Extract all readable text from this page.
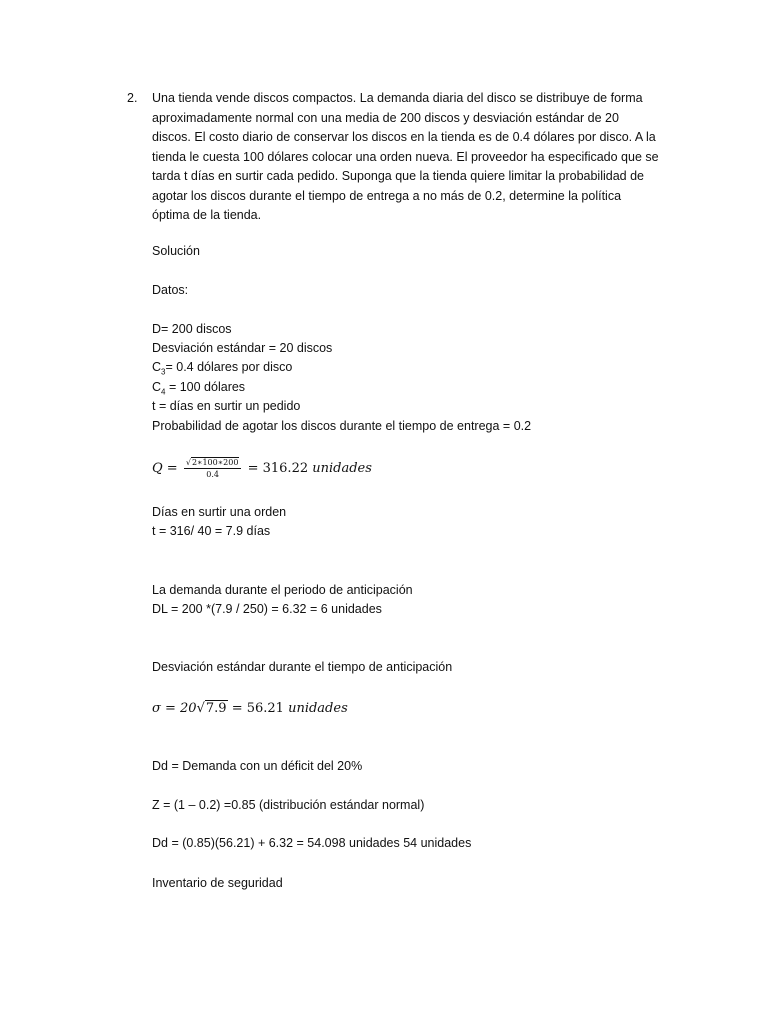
2. Una tienda vende discos compactos. La demanda diaria del disco se distribuye de forma
aproximadamente normal con una media de 200 discos y desviación estándar de 20
discos. El costo diario de conservar los discos en la tienda es de 0.4 dólares por disco. A la
tienda le cuesta 100 dólares colocar una orden nueva. El proveedor ha especificado que se
tarda t días en surtir cada pedido. Suponga que la tienda quiere limitar la probabilidad de
agotar los discos durante el tiempo de entrega a no más de 0.2, determine la política
óptima de la tienda.
Solución
Datos:
D= 200 discos
Desviación estándar = 20 discos
$C_3= 0.4$ dólares por disco
$C_4 = 100$ dólares
t = días en surtir un pedido
Probabilidad de agotar los discos durante el tiempo de entrega = 0.2
$Q = \frac{√2∗100∗200}{0.4} = 316.22$ unidades
Días en surtir una orden
t = 316/ 40 = 7.9 días
La demanda durante el periodo de anticipación
DL = 200 *(7.9 / 250) = 6.32 = 6 unidades
Desviación estándar durante el tiempo de anticipación
σ = 20√7.9 = 56.21 unidades
Dd = Demanda con un déficit del 20%
Z = (1 – 0.2) =0.85 (distribución estándar normal)
Dd = (0.85)(56.21) + 6.32 = 54.098 unidades 54 unidades
Inventario de seguridad
